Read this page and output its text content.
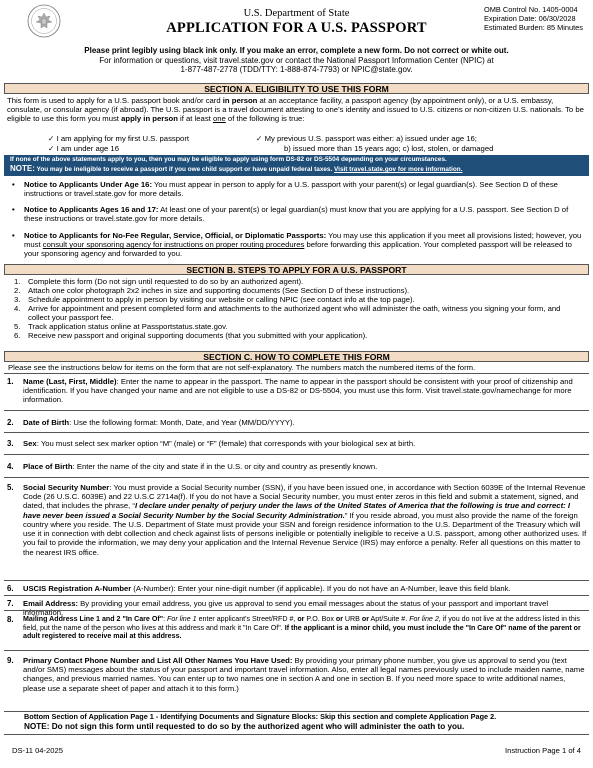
U.S. Department of State
APPLICATION FOR A U.S. PASSPORT
OMB Control No. 1405-0004
Expiration Date: 06/30/2028
Estimated Burden: 85 Minutes
Please print legibly using black ink only. If you make an error, complete a new form. Do not correct or white out.
For information or questions, visit travel.state.gov or contact the National Passport Information Center (NPIC) at
1-877-487-2778 (TDD/TTY: 1-888-874-7793) or NPIC@state.gov.
SECTION A. ELIGIBILITY TO USE THIS FORM
This form is used to apply for a U.S. passport book and/or card in person at an acceptance facility, a passport agency (by appointment only), or a U.S. embassy, consulate, or consular agency (if abroad). The U.S. passport is a travel document attesting to one’s identity and issued to U.S. citizens or non-citizen U.S. nationals. To be eligible to use this form you must apply in person if at least one of the following is true:
✓ I am applying for my first U.S. passport
✓ I am under age 16
✓ My previous U.S. passport was either: a) issued under age 16;
b) issued more than 15 years ago; c) lost, stolen, or damaged
If none of the above statements apply to you, then you may be eligible to apply using form DS-82 or DS-5504 depending on your circumstances.
NOTE: You may be ineligible to receive a passport if you owe child support or have unpaid federal taxes. Visit travel.state.gov for more information.
• Notice to Applicants Under Age 16: You must appear in person to apply for a U.S. passport with your parent(s) or legal guardian(s). See Section D of these instructions or travel.state.gov for more details.
• Notice to Applicants Ages 16 and 17: At least one of your parent(s) or legal guardian(s) must know that you are applying for a U.S. passport. See Section D of these instructions or travel.state.gov for more details.
• Notice to Applicants for No-Fee Regular, Service, Official, or Diplomatic Passports: You may use this application if you meet all provisions listed; however, you must consult your sponsoring agency for instructions on proper routing procedures before forwarding this application. Your completed passport will be released to your sponsoring agency and forwarded to you.
SECTION B. STEPS TO APPLY FOR A U.S. PASSPORT
1. Complete this form (Do not sign until requested to do so by an authorized agent).
2. Attach one color photograph 2x2 inches in size and supporting documents (See Section D of these instructions).
3. Schedule appointment to apply in person by visiting our website or calling NPIC (see contact info at the top page).
4. Arrive for appointment and present completed form and attachments to the authorized agent who will administer the oath, witness you signing your form, and collect your passport fee.
5. Track application status online at Passportstatus.state.gov.
6. Receive new passport and original supporting documents (that you submitted with your application).
SECTION C. HOW TO COMPLETE THIS FORM
Please see the instructions below for items on the form that are not self-explanatory. The numbers match the numbered items of the form.
1. Name (Last, First, Middle): Enter the name to appear in the passport. The name to appear in the passport should be consistent with your proof of citizenship and identification. If you have changed your name and are not eligible to use a DS-82 or DS-5504, you must use this form. Visit travel.state.gov/namechange for more information.
2. Date of Birth: Use the following format: Month, Date, and Year (MM/DD/YYYY).
3. Sex: You must select sex marker option “M” (male) or “F” (female) that corresponds with your biological sex at birth.
4. Place of Birth: Enter the name of the city and state if in the U.S. or city and country as presently known.
5. Social Security Number: You must provide a Social Security number (SSN), if you have been issued one, in accordance with Section 6039E of the Internal Revenue Code (26 U.S.C. 6039E) and 22 U.S.C 2714a(f). If you do not have a Social Security number, you must enter zeros in this field and submit a statement, signed, and dated, that includes the phrase, “I declare under penalty of perjury under the laws of the United States of America that the following is true and correct: I have never been issued a Social Security Number by the Social Security Administration.” If you reside abroad, you must also provide the name of the foreign country where you reside. The U.S. Department of State must provide your SSN and foreign residence information to the U.S. Department of the Treasury which will use it in connection with debt collection and check against lists of persons ineligible or potentially ineligible to receive a U.S. passport, among other authorized uses. If you fail to provide the information, we may deny your application and the Internal Revenue Service (IRS) may enforce a penalty. Refer all questions on this matter to the nearest IRS office.
6. USCIS Registration A-Number (A-Number): Enter your nine-digit number (if applicable). If you do not have an A-Number, leave this field blank.
7. Email Address: By providing your email address, you give us approval to send you email messages about the status of your passport and important travel information.
8. Mailing Address Line 1 and 2 "In Care Of": For line 1 enter applicant's Street/RFD #, or P.O. Box or URB or Apt/Suite #. For line 2, if you do not live at the address listed in this field, put the name of the person who lives at this address and mark it "In Care Of". If the applicant is a minor child, you must include the "In Care Of" name of the parent or adult registered to receive mail at this address.
9. Primary Contact Phone Number and List All Other Names You Have Used: By providing your primary phone number, you give us approval to send you (text and/or SMS) messages about the status of your passport and important travel information. Also, enter all legal names previously used to include maiden name, name changes, and previous married names. You can enter up to two names one in section A and one in section B. If you need more space to write additional names, please use a separate sheet of paper and attach it to this form.)
Bottom Section of Application Page 1 - Identifying Documents and Signature Blocks: Skip this section and complete Application Page 2.
NOTE: Do not sign this form until requested to do so by the authorized agent who will administer the oath to you.
DS-11 04-2025	Instruction Page 1 of 4
